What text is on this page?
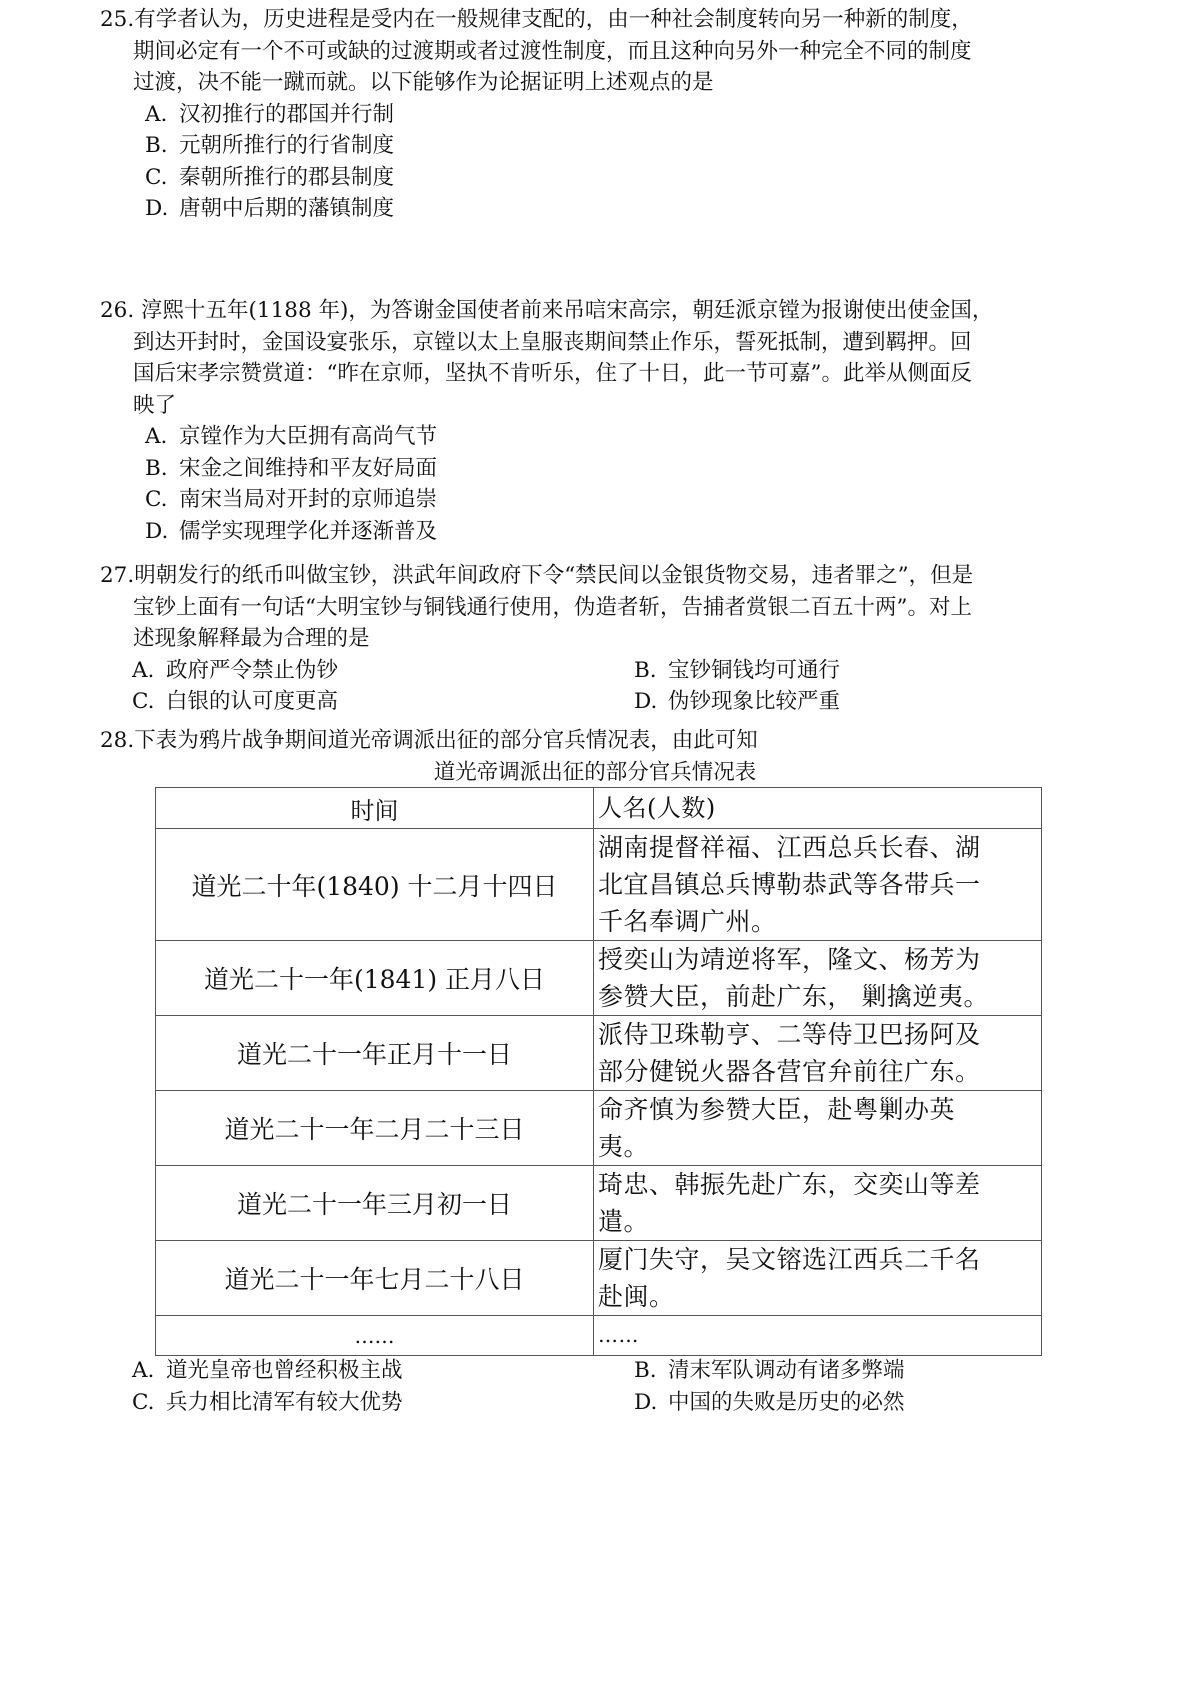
25.有学者认为，历史进程是受内在一般规律支配的，由一种社会制度转向另一种新的制度，
期间必定有一个不可或缺的过渡期或者过渡性制度，而且这种向另外一种完全不同的制度
过渡，决不能一蹴而就。以下能够作为论据证明上述观点的是
A. 汉初推行的郡国并行制
B. 元朝所推行的行省制度
C. 秦朝所推行的郡县制度
D. 唐朝中后期的藩镇制度
26. 淳熙十五年(1188 年)，为答谢金国使者前来吊唁宋高宗，朝廷派京镗为报谢使出使金国，
到达开封时，金国设宴张乐，京镗以太上皇服丧期间禁止作乐，誓死抵制，遭到羁押。回
国后宋孝宗赞赏道：“昨在京师，坚执不肯听乐，住了十日，此一节可嘉”。此举从侧面反
映了
A. 京镗作为大臣拥有高尚气节
B. 宋金之间维持和平友好局面
C. 南宋当局对开封的京师追崇
D. 儒学实现理学化并逐渐普及
27.明朝发行的纸币叫做宝钞，洪武年间政府下令“禁民间以金银货物交易，违者罪之”，但是
宝钞上面有一句话“大明宝钞与铜钱通行使用，伪造者斩，告捕者赏银二百五十两”。对上
述现象解释最为合理的是
A. 政府严令禁止伪钞	B. 宝钞铜钱均可通行
C. 白银的认可度更高	D. 伪钞现象比较严重
28.下表为鸦片战争期间道光帝调派出征的部分官兵情况表，由此可知
道光帝调派出征的部分官兵情况表
时间	人名(人数)
道光二十年(1840) 十二月十四日	湖南提督祥福、江西总兵长春、湖
北宜昌镇总兵博勒恭武等各带兵一
千名奉调广州。

道光二十一年(1841) 正月八日	授奕山为靖逆将军，隆文、杨芳为
参赞大臣，前赴广东， 剿擒逆夷。

道光二十一年正月十一日	派侍卫珠勒亨、二等侍卫巴扬阿及
部分健锐火器各营官弁前往广东。

道光二十一年二月二十三日	命齐慎为参赞大臣，赴粤剿办英
夷。

道光二十一年三月初一日	琦忠、韩振先赴广东，交奕山等差
遣。

道光二十一年七月二十八日	厦门失守，吴文镕选江西兵二千名
赴闽。

……	……
A. 道光皇帝也曾经积极主战	B. 清末军队调动有诸多弊端
C. 兵力相比清军有较大优势	D. 中国的失败是历史的必然
